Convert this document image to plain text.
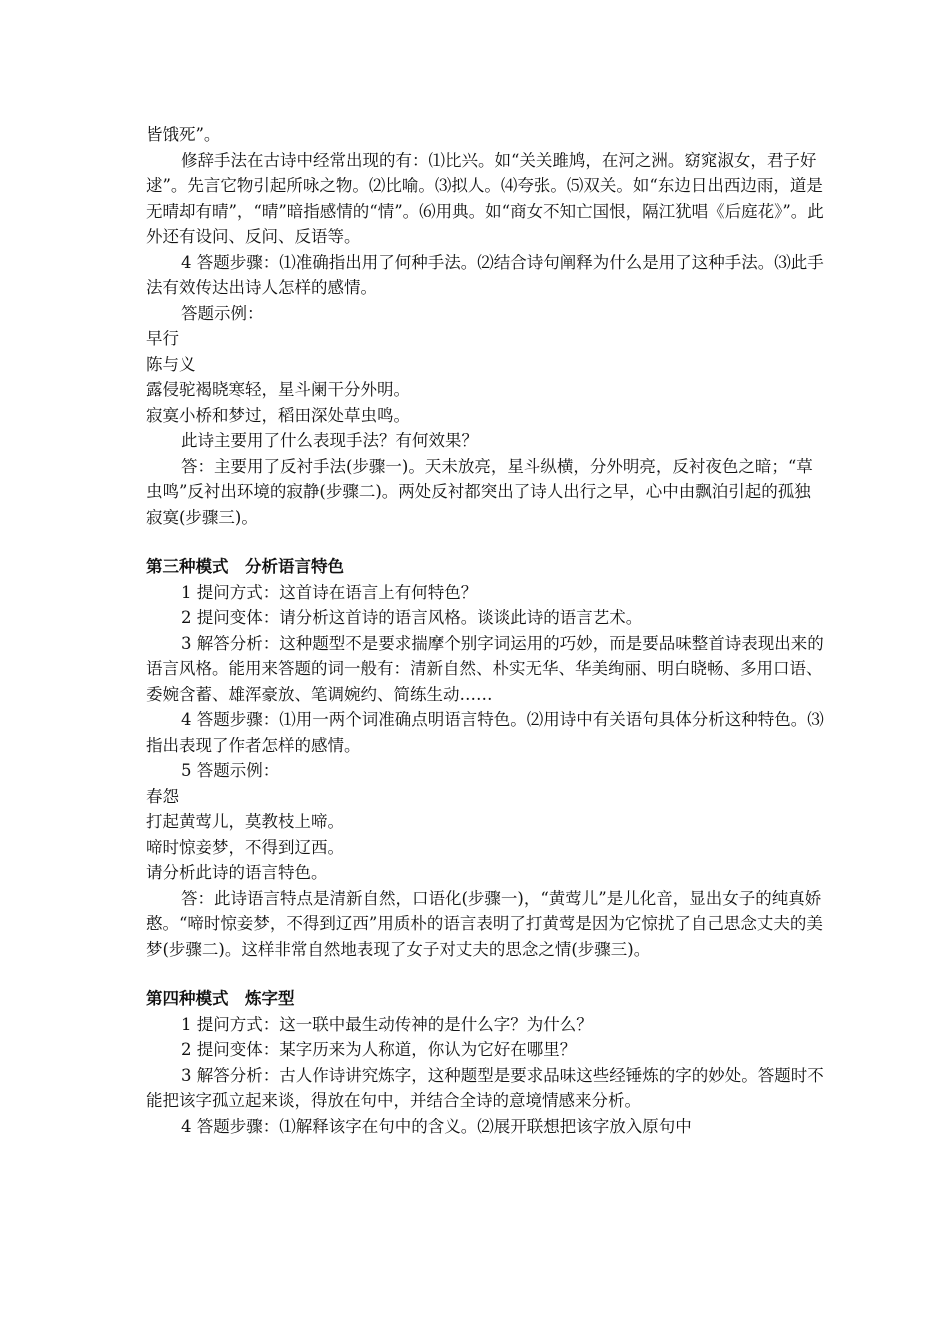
皆饿死”。

修辞手法在古诗中经常出现的有：⑴比兴。如“关关雎鸠，在河之洲。窈窕淑女，君子好逑”。先言它物引起所咏之物。⑵比喻。⑶拟人。⑷夸张。⑸双关。如“东边日出西边雨，道是无晴却有晴”，“晴”暗指感情的“情”。⑹用典。如“商女不知亡国恨，隔江犹唱《后庭花》”。此外还有设问、反问、反语等。

4 答题步骤：⑴准确指出用了何种手法。⑵结合诗句阐释为什么是用了这种手法。⑶此手法有效传达出诗人怎样的感情。

答题示例：

早行

陈与义

露侵驼褐晓寒轻，星斗阑干分外明。

寂寞小桥和梦过，稻田深处草虫鸣。

此诗主要用了什么表现手法？有何效果？

答：主要用了反衬手法(步骤一)。天未放亮，星斗纵横，分外明亮，反衬夜色之暗；“草虫鸣”反衬出环境的寂静(步骤二)。两处反衬都突出了诗人出行之早，心中由飘泊引起的孤独寂寞(步骤三)。

第三种模式　分析语言特色

1 提问方式：这首诗在语言上有何特色？

2 提问变体：请分析这首诗的语言风格。谈谈此诗的语言艺术。

3 解答分析：这种题型不是要求揣摩个别字词运用的巧妙，而是要品味整首诗表现出来的语言风格。能用来答题的词一般有：清新自然、朴实无华、华美绚丽、明白晓畅、多用口语、委婉含蓄、雄浑豪放、笔调婉约、简练生动……

4 答题步骤：⑴用一两个词准确点明语言特色。⑵用诗中有关语句具体分析这种特色。⑶指出表现了作者怎样的感情。

5 答题示例：

春怨

打起黄莺儿，莫教枝上啼。

啼时惊妾梦，不得到辽西。

请分析此诗的语言特色。

答：此诗语言特点是清新自然，口语化(步骤一)，“黄莺儿”是儿化音，显出女子的纯真娇憨。“啼时惊妾梦，不得到辽西”用质朴的语言表明了打黄莺是因为它惊扰了自己思念丈夫的美梦(步骤二)。这样非常自然地表现了女子对丈夫的思念之情(步骤三)。

第四种模式　炼字型

1 提问方式：这一联中最生动传神的是什么字？为什么？

2 提问变体：某字历来为人称道，你认为它好在哪里？

3 解答分析：古人作诗讲究炼字，这种题型是要求品味这些经锤炼的字的妙处。答题时不能把该字孤立起来谈，得放在句中，并结合全诗的意境情感来分析。

4 答题步骤：⑴解释该字在句中的含义。⑵展开联想把该字放入原句中
